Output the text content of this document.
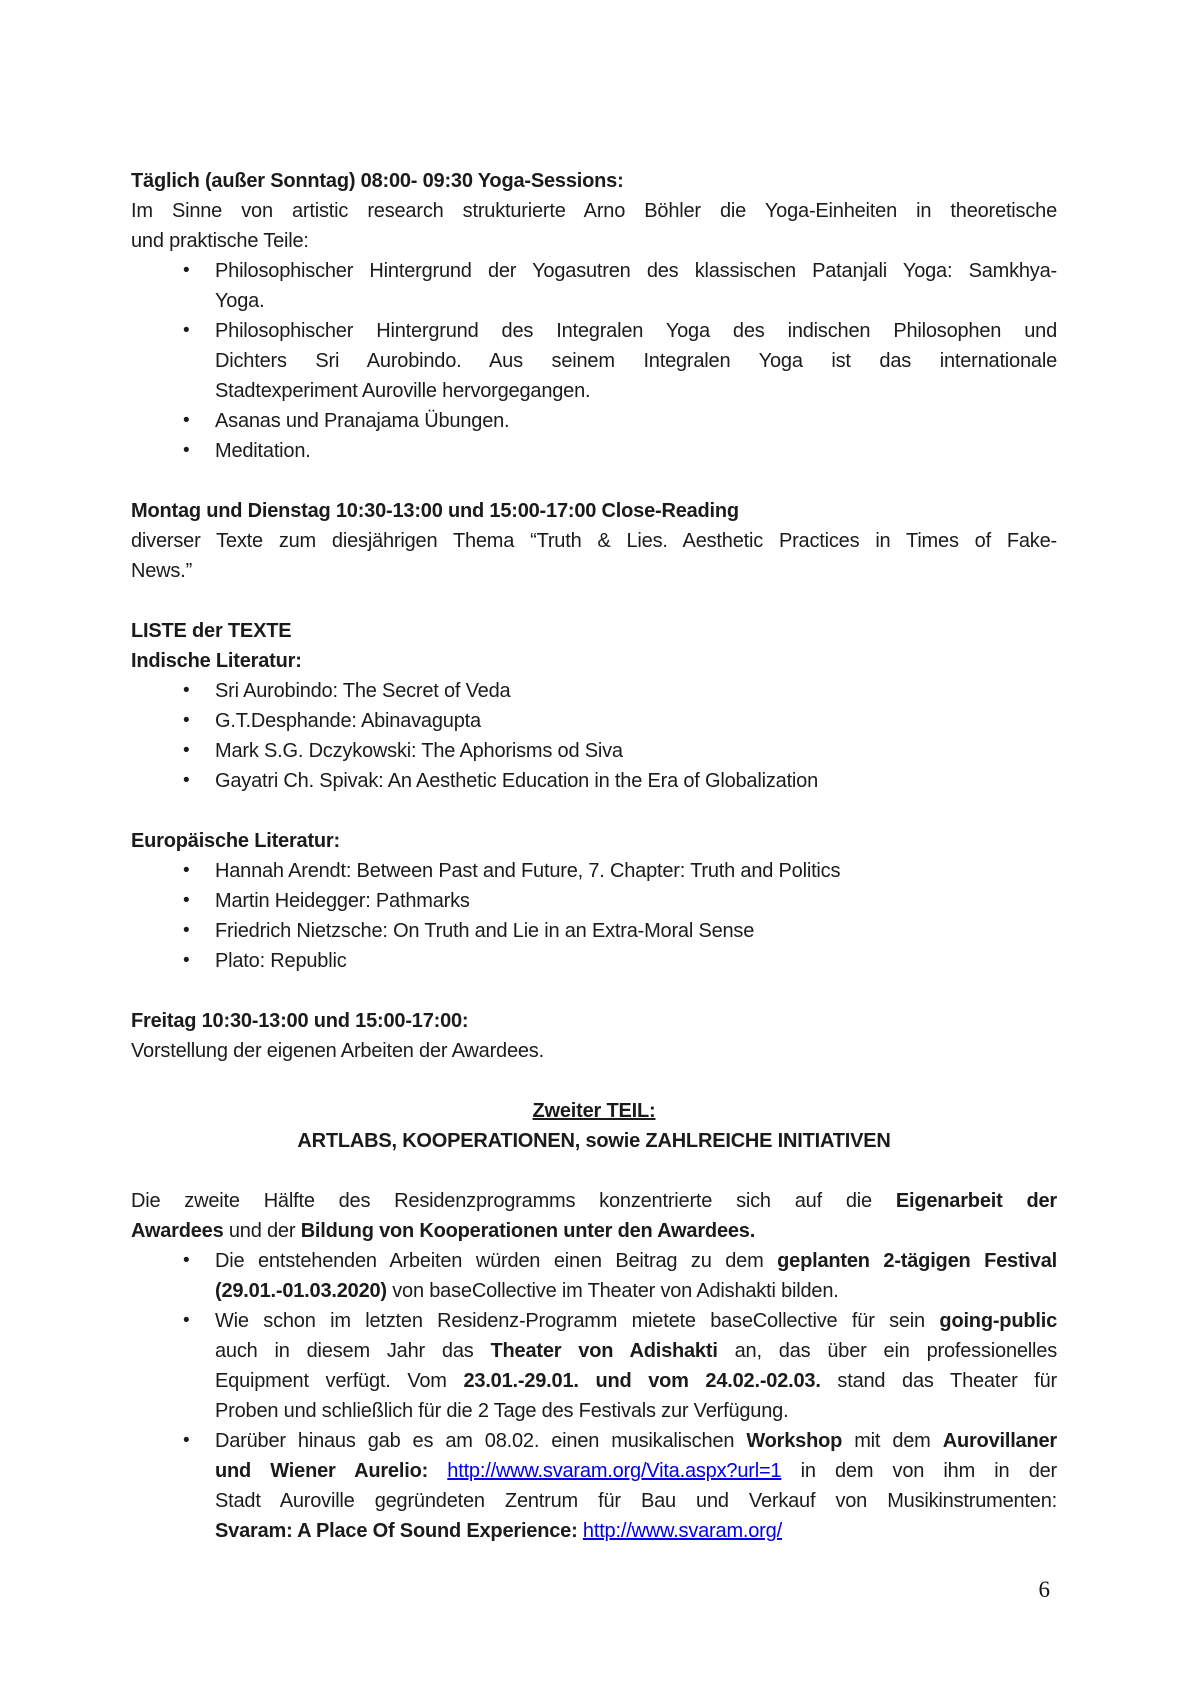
Täglich (außer Sonntag) 08:00- 09:30 Yoga-Sessions:

Im Sinne von artistic research strukturierte Arno Böhler die Yoga-Einheiten in theoretische

und praktische Teile:

• Philosophischer Hintergrund der Yogasutren des klassischen Patanjali Yoga: Samkhya-

Yoga.

• Philosophischer Hintergrund des Integralen Yoga des indischen Philosophen und

Dichters Sri Aurobindo. Aus seinem Integralen Yoga ist das internationale

Stadtexperiment Auroville hervorgegangen.

• Asanas und Pranajama Übungen.

• Meditation.

Montag und Dienstag 10:30-13:00 und 15:00-17:00 Close-Reading

diverser Texte zum diesjährigen Thema “Truth & Lies. Aesthetic Practices in Times of Fake-

News.”

LISTE der TEXTE

Indische Literatur:

• Sri Aurobindo: The Secret of Veda

• G.T.Desphande: Abinavagupta

• Mark S.G. Dczykowski: The Aphorisms od Siva

• Gayatri Ch. Spivak: An Aesthetic Education in the Era of Globalization

Europäische Literatur:

• Hannah Arendt: Between Past and Future, 7. Chapter: Truth and Politics

• Martin Heidegger: Pathmarks

• Friedrich Nietzsche: On Truth and Lie in an Extra-Moral Sense

• Plato: Republic

Freitag 10:30-13:00 und 15:00-17:00:

Vorstellung der eigenen Arbeiten der Awardees.

Zweiter TEIL:

ARTLABS, KOOPERATIONEN, sowie ZAHLREICHE INITIATIVEN

Die zweite Hälfte des Residenzprogramms konzentrierte sich auf die Eigenarbeit der

Awardees und der Bildung von Kooperationen unter den Awardees.

• Die entstehenden Arbeiten würden einen Beitrag zu dem geplanten 2-tägigen Festival

(29.01.-01.03.2020) von baseCollective im Theater von Adishakti bilden.

• Wie schon im letzten Residenz-Programm mietete baseCollective für sein going-public

auch in diesem Jahr das Theater von Adishakti an, das über ein professionelles

Equipment verfügt. Vom 23.01.-29.01. und vom 24.02.-02.03. stand das Theater für

Proben und schließlich für die 2 Tage des Festivals zur Verfügung.

• Darüber hinaus gab es am 08.02. einen musikalischen Workshop mit dem Aurovillaner

und Wiener Aurelio: http://www.svaram.org/Vita.aspx?url=1 in dem von ihm in der

Stadt Auroville gegründeten Zentrum für Bau und Verkauf von Musikinstrumenten:

Svaram: A Place Of Sound Experience: http://www.svaram.org/

6
